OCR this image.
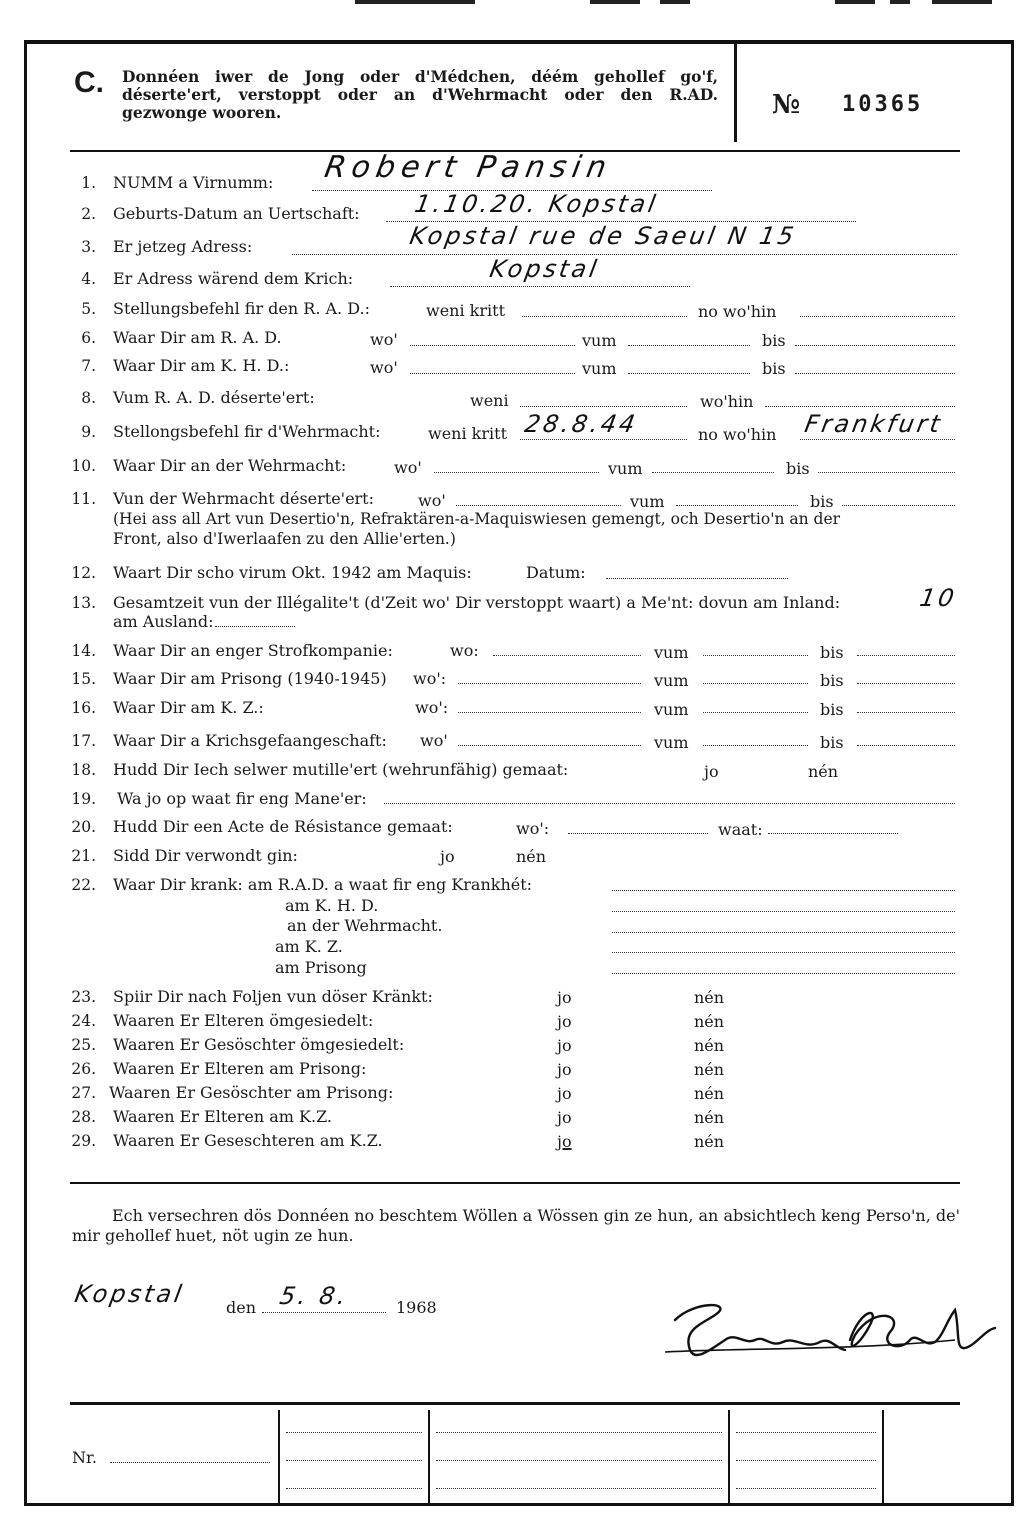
C. Donnéen iwer de Jong oder d'Médchen, déém gehollef go'f, déserte'ert, verstoppt oder an d'Wehrmacht oder den R.AD. gezwonge wooren.	№ 10365
1. NUMM a Virnumm: Robert Pansin
2. Geburts-Datum an Uertschaft: 1.10.20. Kopstal
3. Er jetzeg Adress:	Kopstal rue de Saeul N 15
4. Er Adress wärend dem Krich:	Kopstal
5. Stellungsbefehl fir den R. A. D.:	weni kritt	no wo'hin
6. Waar Dir am R. A. D.	wo'	vum	bis
7. Waar Dir am K. H. D.:	wo'	vum	bis
8. Vum R. A. D. déserte'ert:	weni	wo'hin
9. Stellongsbefehl fir d'Wehrmacht:	weni kritt 28.8.44	no wo'hin Frankfurt
10. Waar Dir an der Wehrmacht:	wo'	vum	bis
11. Vun der Wehrmacht déserte'ert:	wo'	vum	bis
(Hei ass all Art vun Desertio'n, Refraktären-a-Maquiswiesen gemengt, och Desertio'n an der
Front, also d'Iwerlaafen zu den Allie'erten.)
12. Waart Dir scho virum Okt. 1942 am Maquis:	Datum:
13. Gesamtzeit vun der Illégalite't (d'Zeit wo' Dir verstoppt waart) a Me'nt: dovun am Inland:	10
am Ausland:
14. Waar Dir an enger Strofkompanie:	wo:	vum	bis
15. Waar Dir am Prisong (1940-1945) wo':	vum	bis
16. Waar Dir am K. Z.:	wo':	vum	bis
17. Waar Dir a Krichsgefaangeschaft: wo'	vum	bis
18. Hudd Dir Iech selwer mutille'ert (wehrunfähig) gemaat:	jo	nén
19. Wa jo op waat fir eng Mane'er:
20. Hudd Dir een Acte de Résistance gemaat:	wo':	waat:
21. Sidd Dir verwondt gin:	jo	nén
22. Waar Dir krank: am R.A.D. a waat fir eng Krankhét:
am K. H. D.
an der Wehrmacht.
am K. Z.
am Prisong
23. Spiir Dir nach Foljen vun döser Kränkt:	jo	nén
24. Waaren Er Elteren ömgesiedelt:	jo	nén
25. Waaren Er Gesöschter ömgesiedelt:	jo	nén
26. Waaren Er Elteren am Prisong:	jo	nén
27. Waaren Er Gesöschter am Prisong:	jo	nén
28. Waaren Er Elteren am K.Z.	jo	nén
29. Waaren Er Geseschteren am K.Z.	jo	nén
Ech versechren dös Donnéen no beschtem Wöllen a Wössen gin ze hun, an absichtlech keng Perso'n, de' mir gehollef huet, nöt ugin ze hun.
Kopstal den 5. 8.	1968
Nr.
